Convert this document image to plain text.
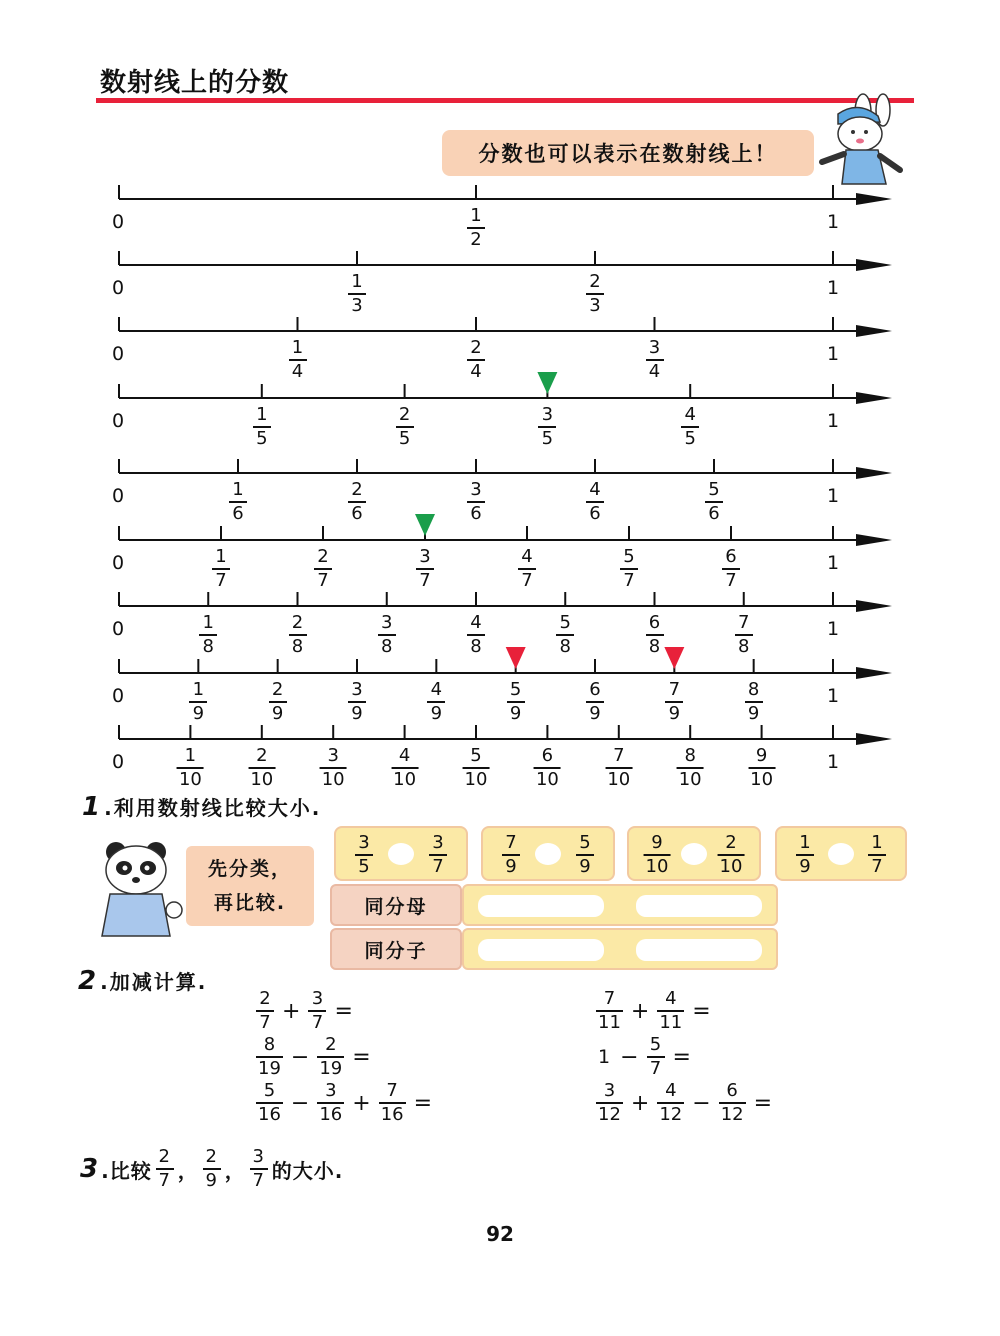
数射线上的分数
分数也可以表示在数射线上！
1
2
0	1
1
3
2
3
0	1
1
4
2
4
3
4
0	1
1
5
2
5
3
5
4
5
0	1
1
6
2
6
3
6
4
6
5
6
0	1
1
7
2
7
3
7
4
7
5
7
6
7
0	1
1
8
2
8
3
8
4
8
5
8
6
8
7
8
0	1
1
9
2
9
3
9
4
9
5
9
6
9
7
9
8
9
0	1
1
10
2
10
3
10
4
10
5
10
6
10
7
10
8
10
9
10
0	1
1 .利用数射线比较大小.
先分类，
再比较.
3
5
3
7
7
9
5
9
9
10
2
10
1
9
1
7
同分母
同分子
2 .加减计算.
$\frac{2}{7} + \frac{3}{7}$ =
$\frac{8}{19} - \frac{2}{19}$ =
$\frac{5}{16} - \frac{3}{16} + \frac{7}{16}$ =
$\frac{7}{11} + \frac{4}{11}$ =
$1 - \frac{5}{7}$ =
$\frac{3}{12} + \frac{4}{12} - \frac{6}{12}$ =
3 .比较 $\frac{2}{7}$ ， $\frac{2}{9}$ ， $\frac{3}{7}$ 的大小.
92
